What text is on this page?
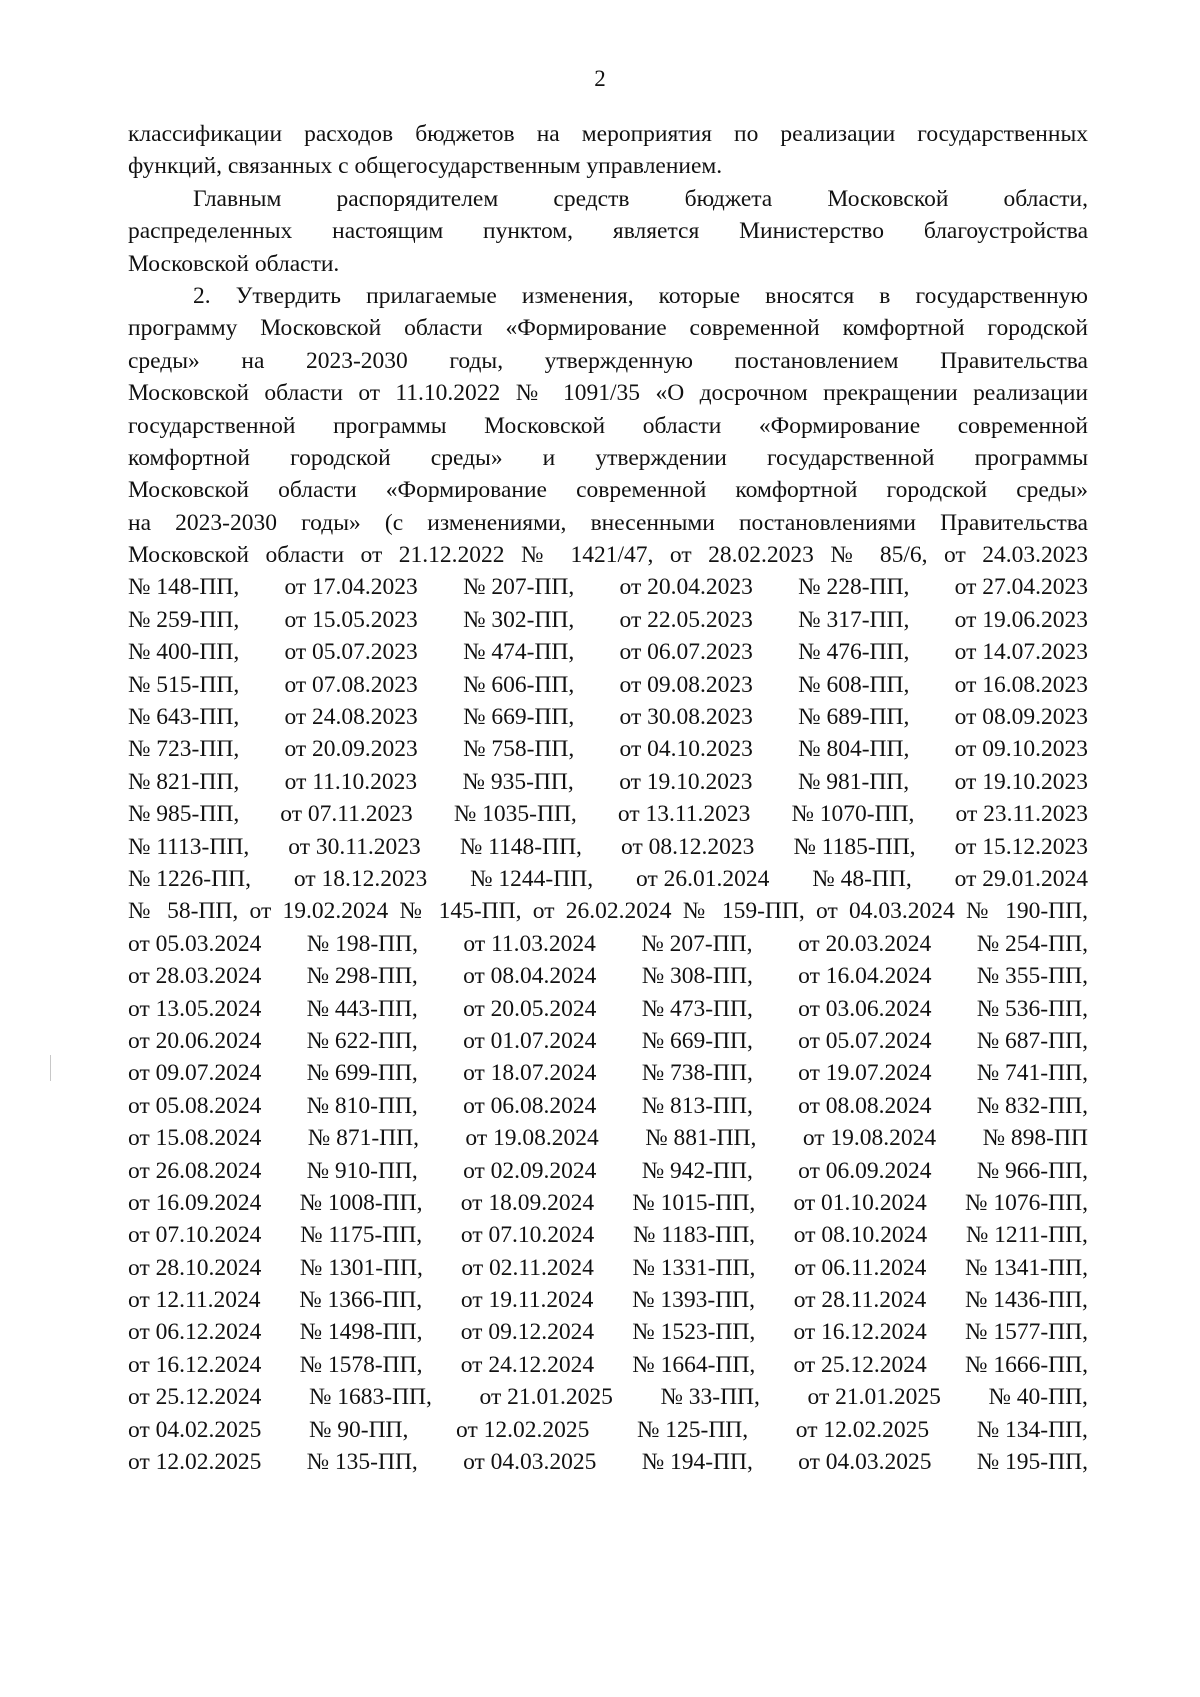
2
классификации расходов бюджетов на мероприятия по реализации государственных
функций, связанных с общегосударственным управлением.
Главным распорядителем средств бюджета Московской области,
распределенных настоящим пунктом, является Министерство благоустройства
Московской области.
2. Утвердить прилагаемые изменения, которые вносятся в государственную
программу Московской области «Формирование современной комфортной городской
среды» на 2023-2030 годы, утвержденную постановлением Правительства
Московской области от 11.10.2022 № 1091/35 «О досрочном прекращении реализации
государственной программы Московской области «Формирование современной
комфортной городской среды» и утверждении государственной программы
Московской области «Формирование современной комфортной городской среды»
на 2023-2030 годы» (с изменениями, внесенными постановлениями Правительства
Московской области от 21.12.2022 № 1421/47, от 28.02.2023 № 85/6, от 24.03.2023
№ 148-ПП, от 17.04.2023 № 207-ПП, от 20.04.2023 № 228-ПП, от 27.04.2023
№ 259-ПП, от 15.05.2023 № 302-ПП, от 22.05.2023 № 317-ПП, от 19.06.2023
№ 400-ПП, от 05.07.2023 № 474-ПП, от 06.07.2023 № 476-ПП, от 14.07.2023
№ 515-ПП, от 07.08.2023 № 606-ПП, от 09.08.2023 № 608-ПП, от 16.08.2023
№ 643-ПП, от 24.08.2023 № 669-ПП, от 30.08.2023 № 689-ПП, от 08.09.2023
№ 723-ПП, от 20.09.2023 № 758-ПП, от 04.10.2023 № 804-ПП, от 09.10.2023
№ 821-ПП, от 11.10.2023 № 935-ПП, от 19.10.2023 № 981-ПП, от 19.10.2023
№ 985-ПП, от 07.11.2023 № 1035-ПП, от 13.11.2023 № 1070-ПП, от 23.11.2023
№ 1113-ПП, от 30.11.2023 № 1148-ПП, от 08.12.2023 № 1185-ПП, от 15.12.2023
№ 1226-ПП, от 18.12.2023 № 1244-ПП, от 26.01.2024 № 48-ПП, от 29.01.2024
№ 58-ПП, от 19.02.2024 № 145-ПП, от 26.02.2024 № 159-ПП, от 04.03.2024 № 190-ПП,
от 05.03.2024 № 198-ПП, от 11.03.2024 № 207-ПП, от 20.03.2024 № 254-ПП,
от 28.03.2024 № 298-ПП, от 08.04.2024 № 308-ПП, от 16.04.2024 № 355-ПП,
от 13.05.2024 № 443-ПП, от 20.05.2024 № 473-ПП, от 03.06.2024 № 536-ПП,
от 20.06.2024 № 622-ПП, от 01.07.2024 № 669-ПП, от 05.07.2024 № 687-ПП,
от 09.07.2024 № 699-ПП, от 18.07.2024 № 738-ПП, от 19.07.2024 № 741-ПП,
от 05.08.2024 № 810-ПП, от 06.08.2024 № 813-ПП, от 08.08.2024 № 832-ПП,
от 15.08.2024 № 871-ПП, от 19.08.2024 № 881-ПП, от 19.08.2024 № 898-ПП
от 26.08.2024 № 910-ПП, от 02.09.2024 № 942-ПП, от 06.09.2024 № 966-ПП,
от 16.09.2024 № 1008-ПП, от 18.09.2024 № 1015-ПП, от 01.10.2024 № 1076-ПП,
от 07.10.2024 № 1175-ПП, от 07.10.2024 № 1183-ПП, от 08.10.2024 № 1211-ПП,
от 28.10.2024 № 1301-ПП, от 02.11.2024 № 1331-ПП, от 06.11.2024 № 1341-ПП,
от 12.11.2024 № 1366-ПП, от 19.11.2024 № 1393-ПП, от 28.11.2024 № 1436-ПП,
от 06.12.2024 № 1498-ПП, от 09.12.2024 № 1523-ПП, от 16.12.2024 № 1577-ПП,
от 16.12.2024 № 1578-ПП, от 24.12.2024 № 1664-ПП, от 25.12.2024 № 1666-ПП,
от 25.12.2024 № 1683-ПП, от 21.01.2025 № 33-ПП, от 21.01.2025 № 40-ПП,
от 04.02.2025 № 90-ПП, от 12.02.2025 № 125-ПП, от 12.02.2025 № 134-ПП,
от 12.02.2025 № 135-ПП, от 04.03.2025 № 194-ПП, от 04.03.2025 № 195-ПП,
